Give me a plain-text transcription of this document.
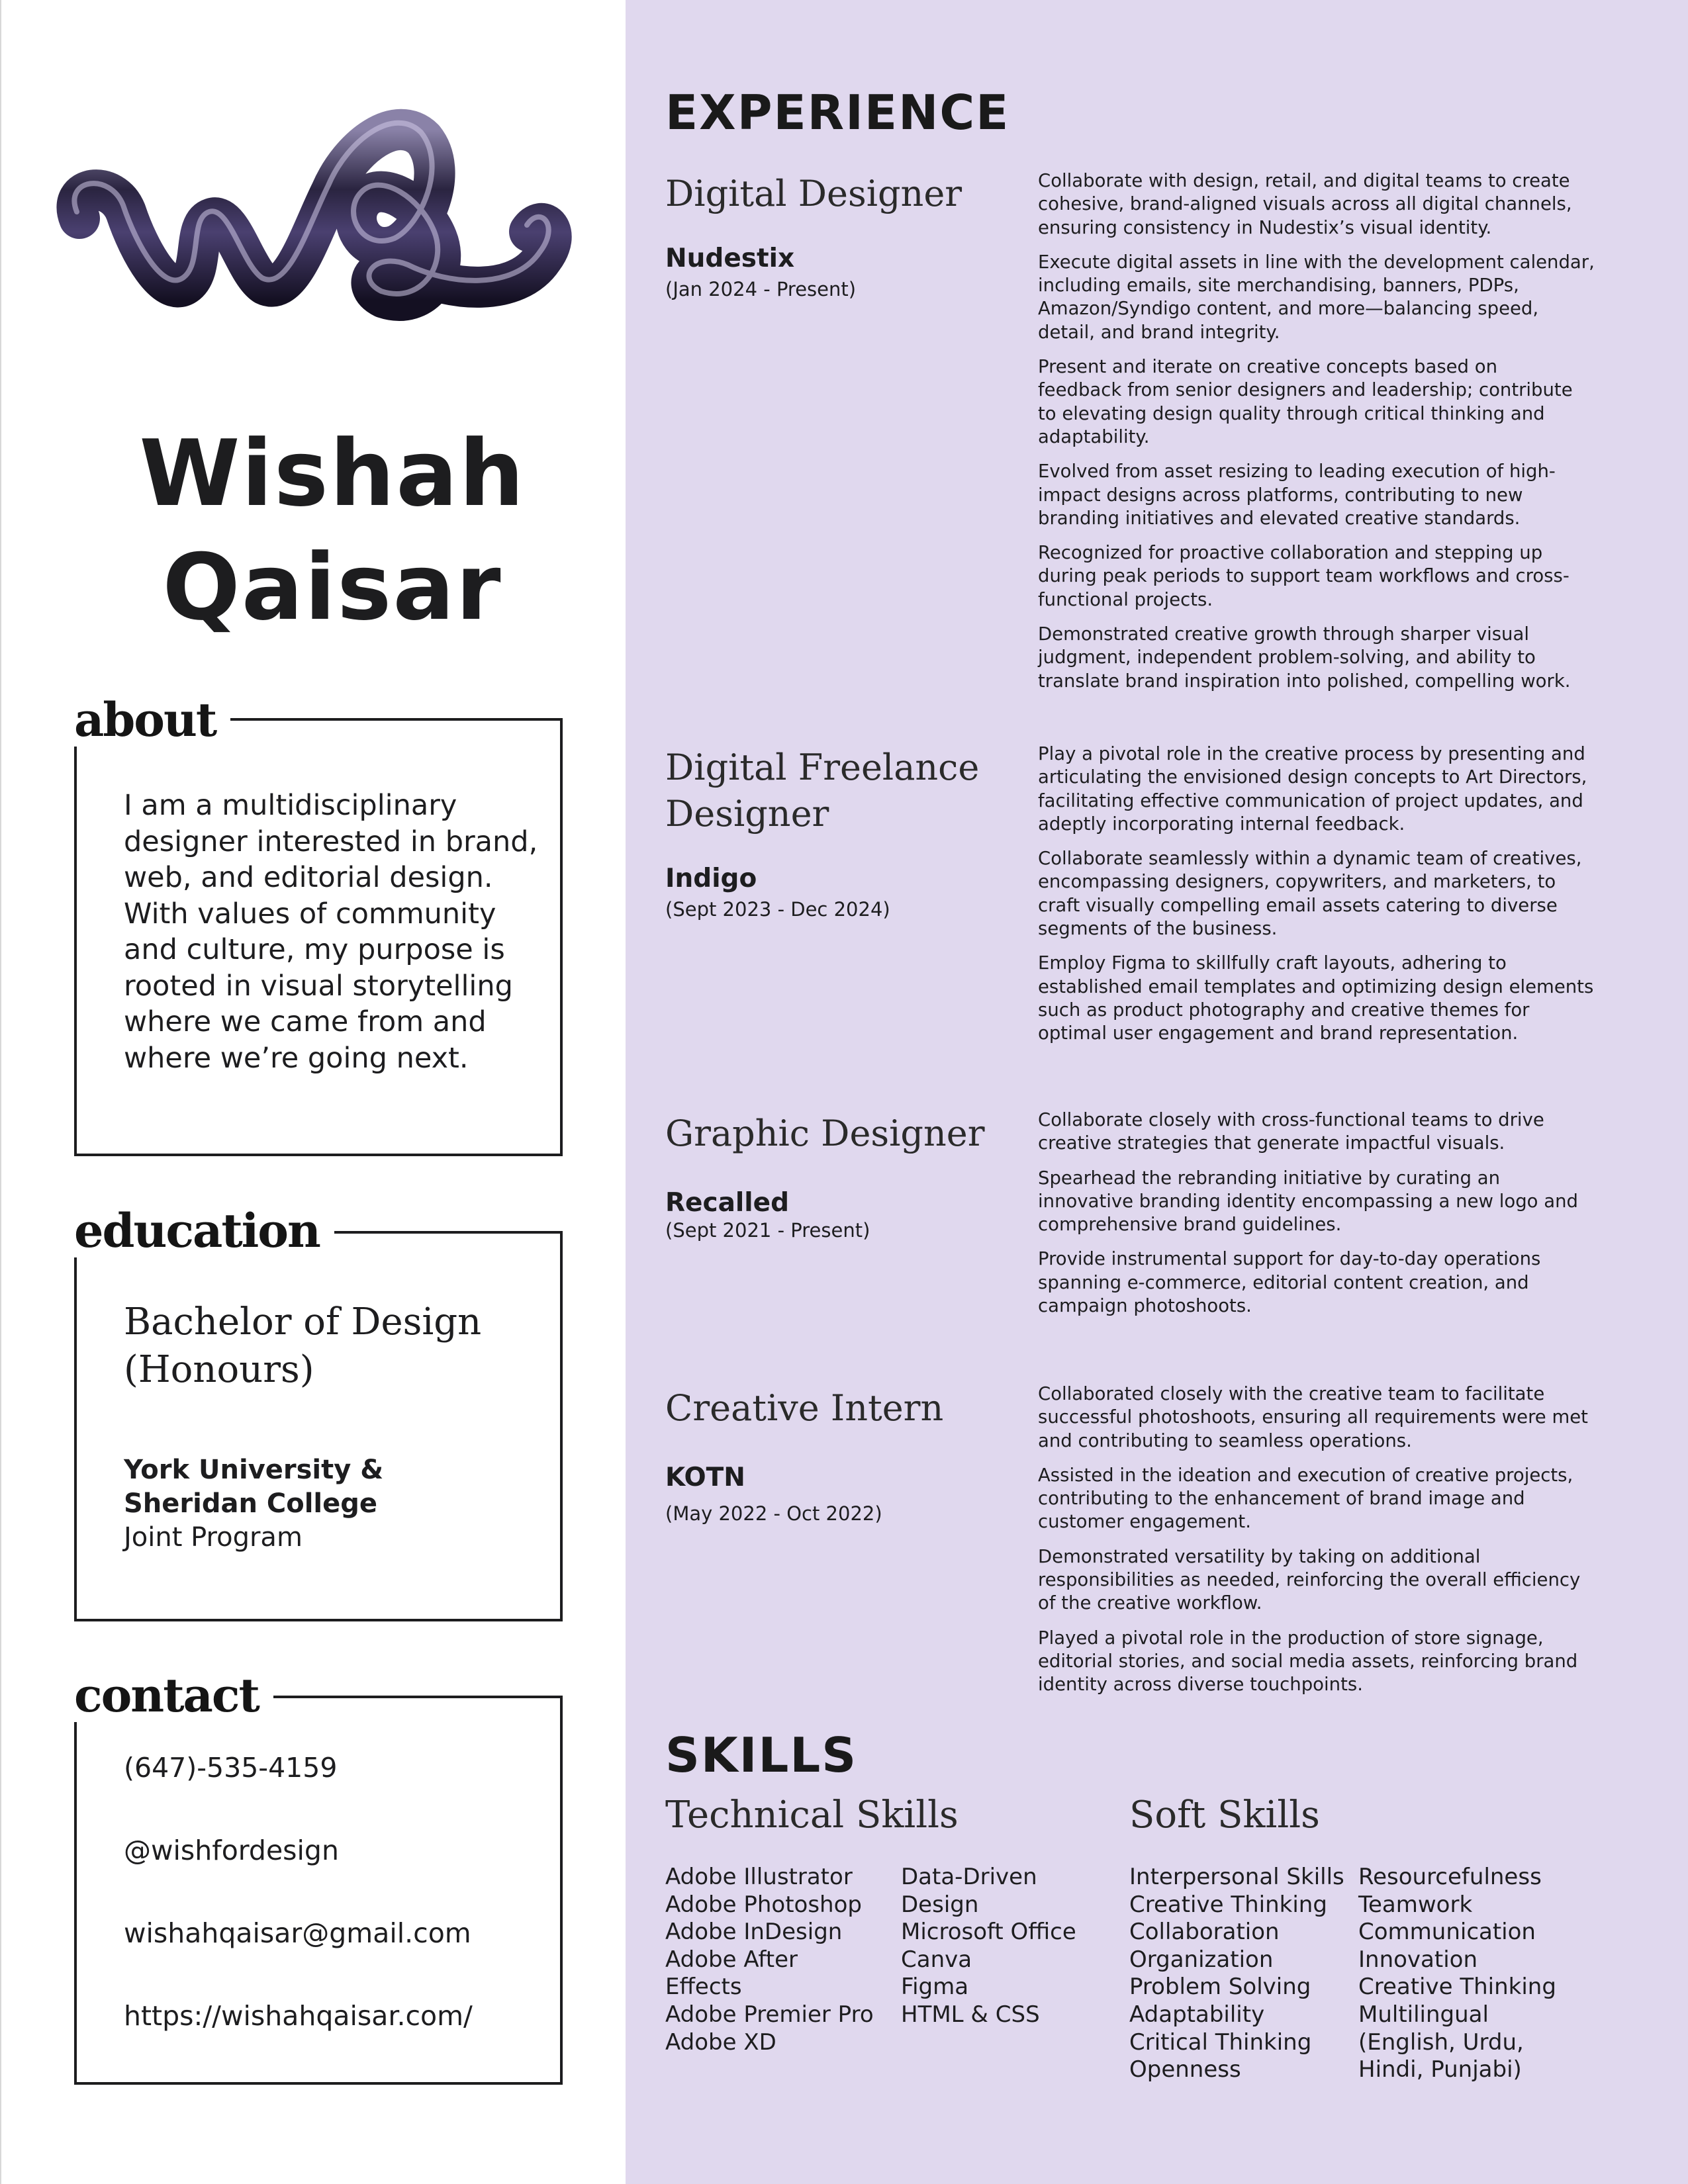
Wishah
Qaisar
about
I am a multidisciplinary
designer interested in brand,
web, and editorial design.
With values of community
and culture, my purpose is
rooted in visual storytelling
where we came from and
where we’re going next.
education
Bachelor of Design
(Honours)
York University &
Sheridan College
Joint Program
contact
(647)-535-4159
@wishfordesign
wishahqaisar@gmail.com
https://wishahqaisar.com/
EXPERIENCE
Digital Designer
Nudestix
(Jan 2024 - Present)

Collaborate with design, retail, and digital teams to create
cohesive, brand-aligned visuals across all digital channels,
ensuring consistency in Nudestix’s visual identity.

Execute digital assets in line with the development calendar,
including emails, site merchandising, banners, PDPs,
Amazon/Syndigo content, and more—balancing speed,
detail, and brand integrity.

Present and iterate on creative concepts based on
feedback from senior designers and leadership; contribute
to elevating design quality through critical thinking and
adaptability.

Evolved from asset resizing to leading execution of high-
impact designs across platforms, contributing to new
branding initiatives and elevated creative standards.

Recognized for proactive collaboration and stepping up
during peak periods to support team workflows and cross-
functional projects.

Demonstrated creative growth through sharper visual
judgment, independent problem-solving, and ability to
translate brand inspiration into polished, compelling work.

Digital Freelance
Designer
Indigo
(Sept 2023 - Dec 2024)

Play a pivotal role in the creative process by presenting and
articulating the envisioned design concepts to Art Directors,
facilitating effective communication of project updates, and
adeptly incorporating internal feedback.

Collaborate seamlessly within a dynamic team of creatives,
encompassing designers, copywriters, and marketers, to
craft visually compelling email assets catering to diverse
segments of the business.

Employ Figma to skillfully craft layouts, adhering to
established email templates and optimizing design elements
such as product photography and creative themes for
optimal user engagement and brand representation.

Graphic Designer
Recalled
(Sept 2021 - Present)

Collaborate closely with cross-functional teams to drive
creative strategies that generate impactful visuals.

Spearhead the rebranding initiative by curating an
innovative branding identity encompassing a new logo and
comprehensive brand guidelines.

Provide instrumental support for day-to-day operations
spanning e-commerce, editorial content creation, and
campaign photoshoots.

Creative Intern
KOTN
(May 2022 - Oct 2022)

Collaborated closely with the creative team to facilitate
successful photoshoots, ensuring all requirements were met
and contributing to seamless operations.

Assisted in the ideation and execution of creative projects,
contributing to the enhancement of brand image and
customer engagement.

Demonstrated versatility by taking on additional
responsibilities as needed, reinforcing the overall efficiency
of the creative workflow.

Played a pivotal role in the production of store signage,
editorial stories, and social media assets, reinforcing brand
identity across diverse touchpoints.

SKILLS
Technical Skills	Soft Skills
Adobe Illustrator
Adobe Photoshop
Adobe InDesign
Adobe After
Effects
Adobe Premier Pro
Adobe XD
Data-Driven
Design
Microsoft Office
Canva
Figma
HTML & CSS
Interpersonal Skills
Creative Thinking
Collaboration
Organization
Problem Solving
Adaptability
Critical Thinking
Openness
Resourcefulness
Teamwork
Communication
Innovation
Creative Thinking
Multilingual
(English, Urdu,
Hindi, Punjabi)
